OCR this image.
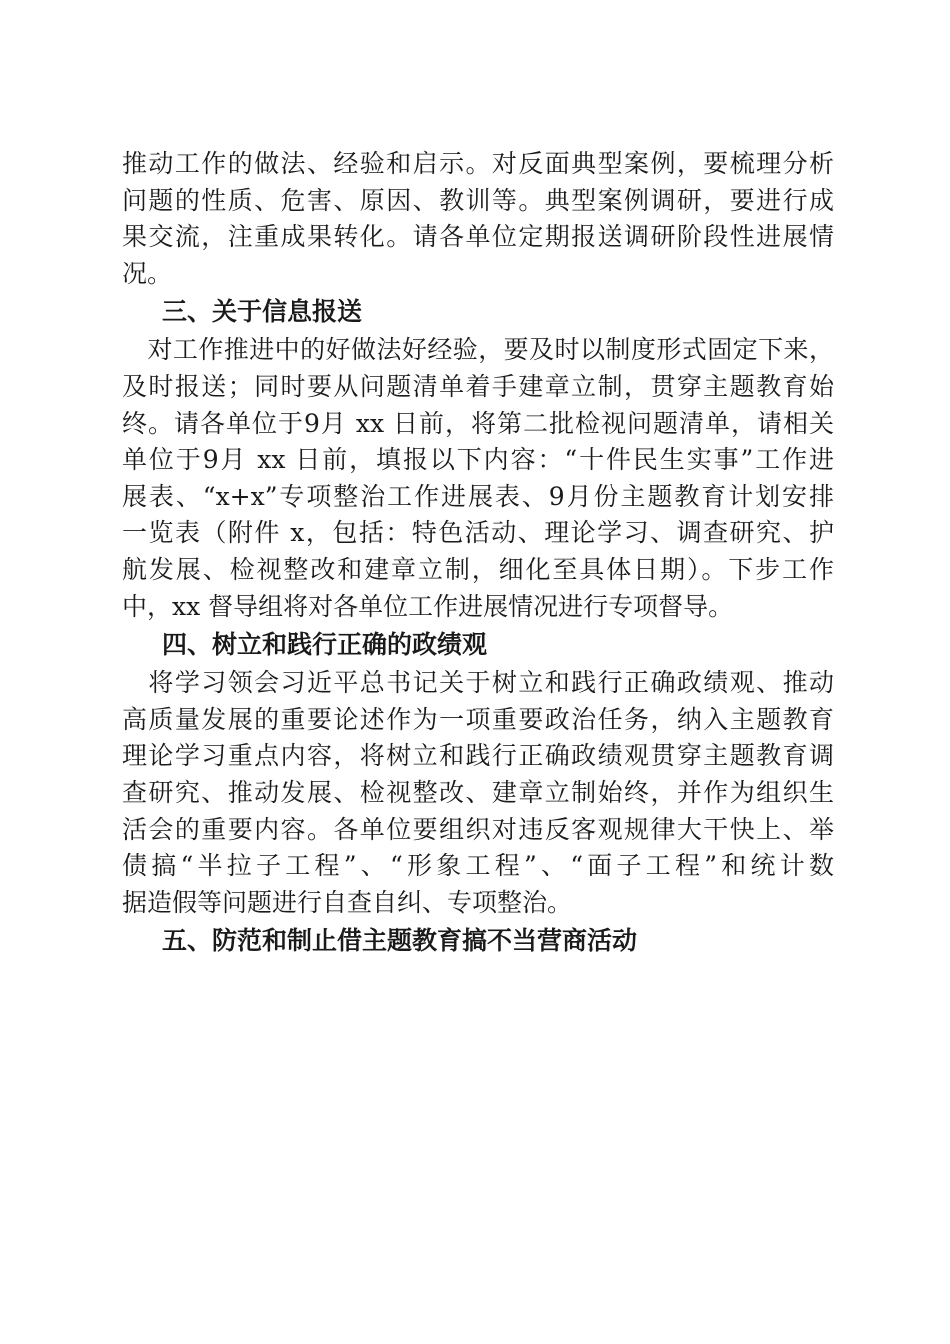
推动工作的做法、经验和启示。对反面典型案例，要梳理分析
问题的性质、危害、原因、教训等。典型案例调研，要进行成
果交流，注重成果转化。请各单位定期报送调研阶段性进展情
况。
三、关于信息报送
　对工作推进中的好做法好经验，要及时以制度形式固定下来，
及时报送；同时要从问题清单着手建章立制，贯穿主题教育始
终。请各单位于9月 xx 日前，将第二批检视问题清单，请相关
单位于9月 xx 日前，填报以下内容：“十件民生实事”工作进
展表、“x+x”专项整治工作进展表、9月份主题教育计划安排
一览表（附件 x，包括：特色活动、理论学习、调查研究、护
航发展、检视整改和建章立制，细化至具体日期）。下步工作
中，xx 督导组将对各单位工作进展情况进行专项督导。
四、树立和践行正确的政绩观
　将学习领会习近平总书记关于树立和践行正确政绩观、推动
高质量发展的重要论述作为一项重要政治任务，纳入主题教育
理论学习重点内容，将树立和践行正确政绩观贯穿主题教育调
查研究、推动发展、检视整改、建章立制始终，并作为组织生
活会的重要内容。各单位要组织对违反客观规律大干快上、举
债搞“半拉子工程”、“形象工程”、“面子工程”和统计数
据造假等问题进行自查自纠、专项整治。
五、防范和制止借主题教育搞不当营商活动
